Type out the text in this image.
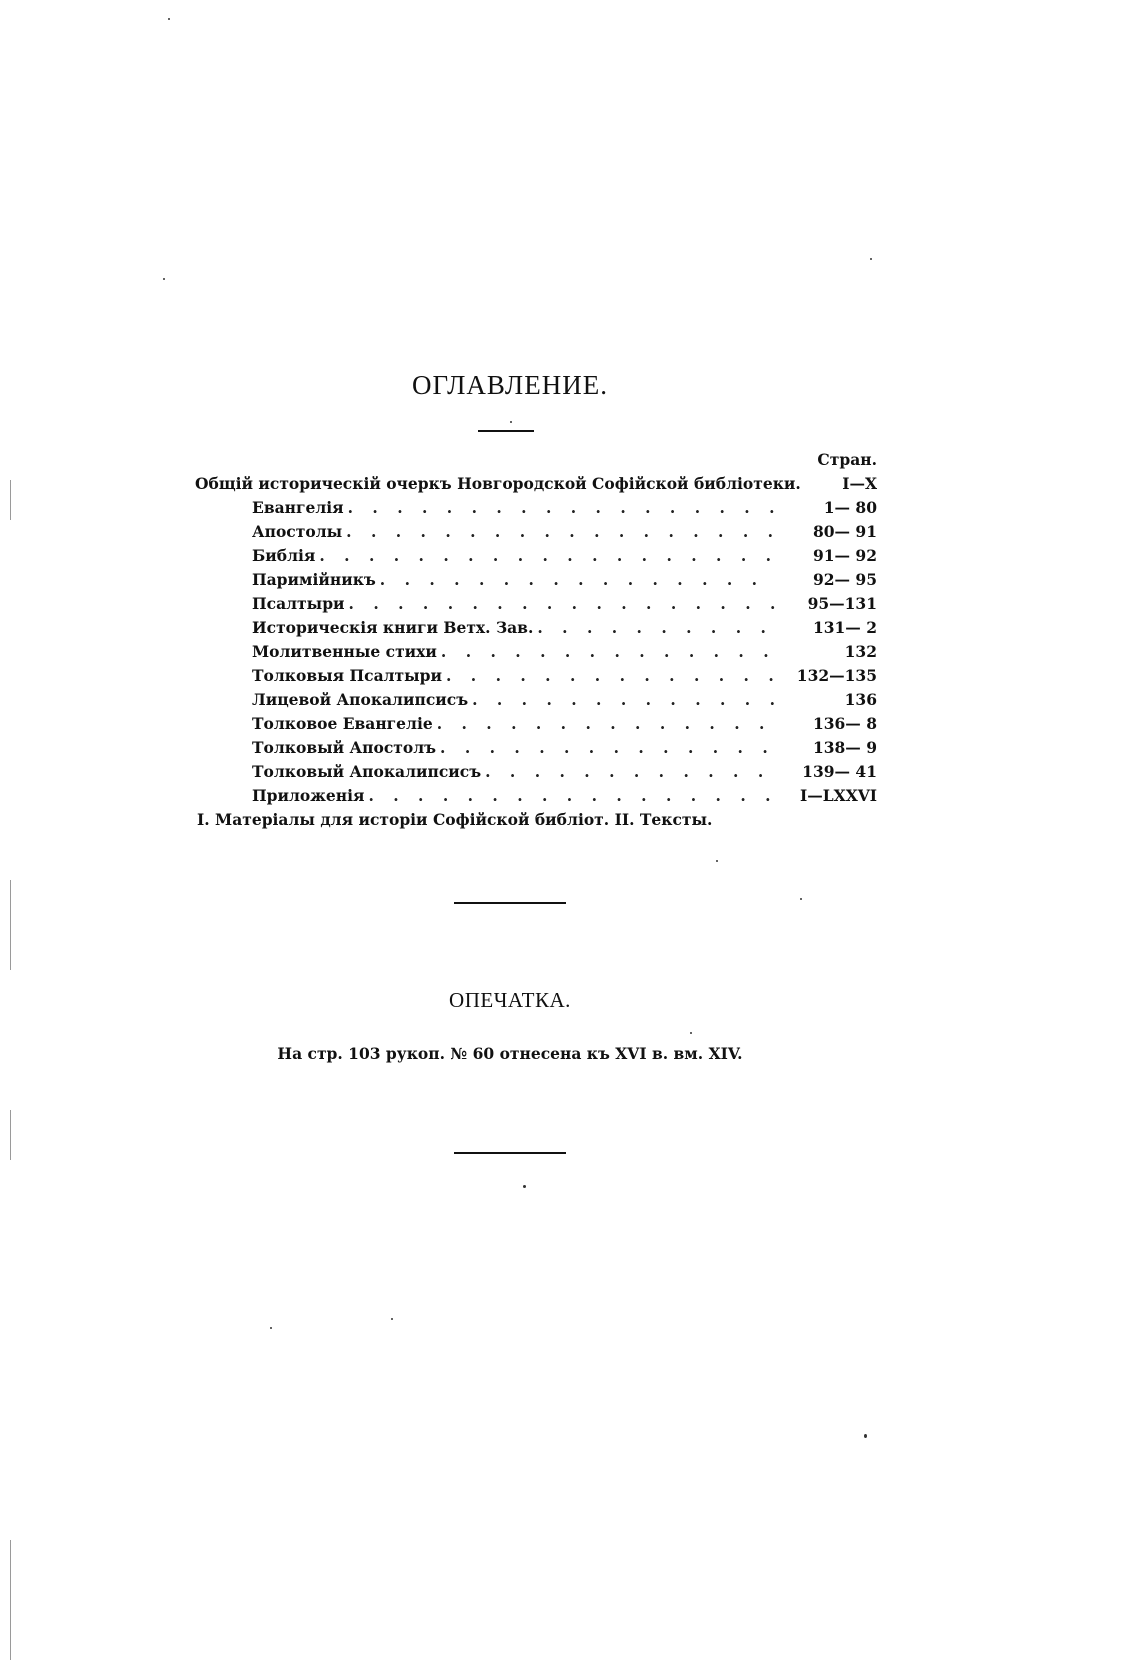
ОГЛАВЛЕНИЕ.
Стран.
Общій историческій очеркъ Новгородской Софійской библіотеки.	I—X
Евангелія . . .	1— 80
Апостолы . . .	80— 91
Библія . . .	91— 92
Паримійникъ . . .	92— 95
Псалтыри . . .	95—131
Историческія книги Ветх. Зав. . . .	131— 2
Молитвенные стихи . . .	132
Толковыя Псалтыри . . .	132—135
Лицевой Апокалипсисъ . . .	136
Толковое Евангеліе . . .	136— 8
Толковый Апостолъ . . .	138— 9
Толковый Апокалипсисъ . . .	139— 41
Приложенія . . .	I—LXXVI
I. Матеріалы для исторіи Софійской библіот. II. Тексты.
ОПЕЧАТКА.
На стр. 103 рукоп. № 60 отнесена къ XVI в. вм. XIV.
